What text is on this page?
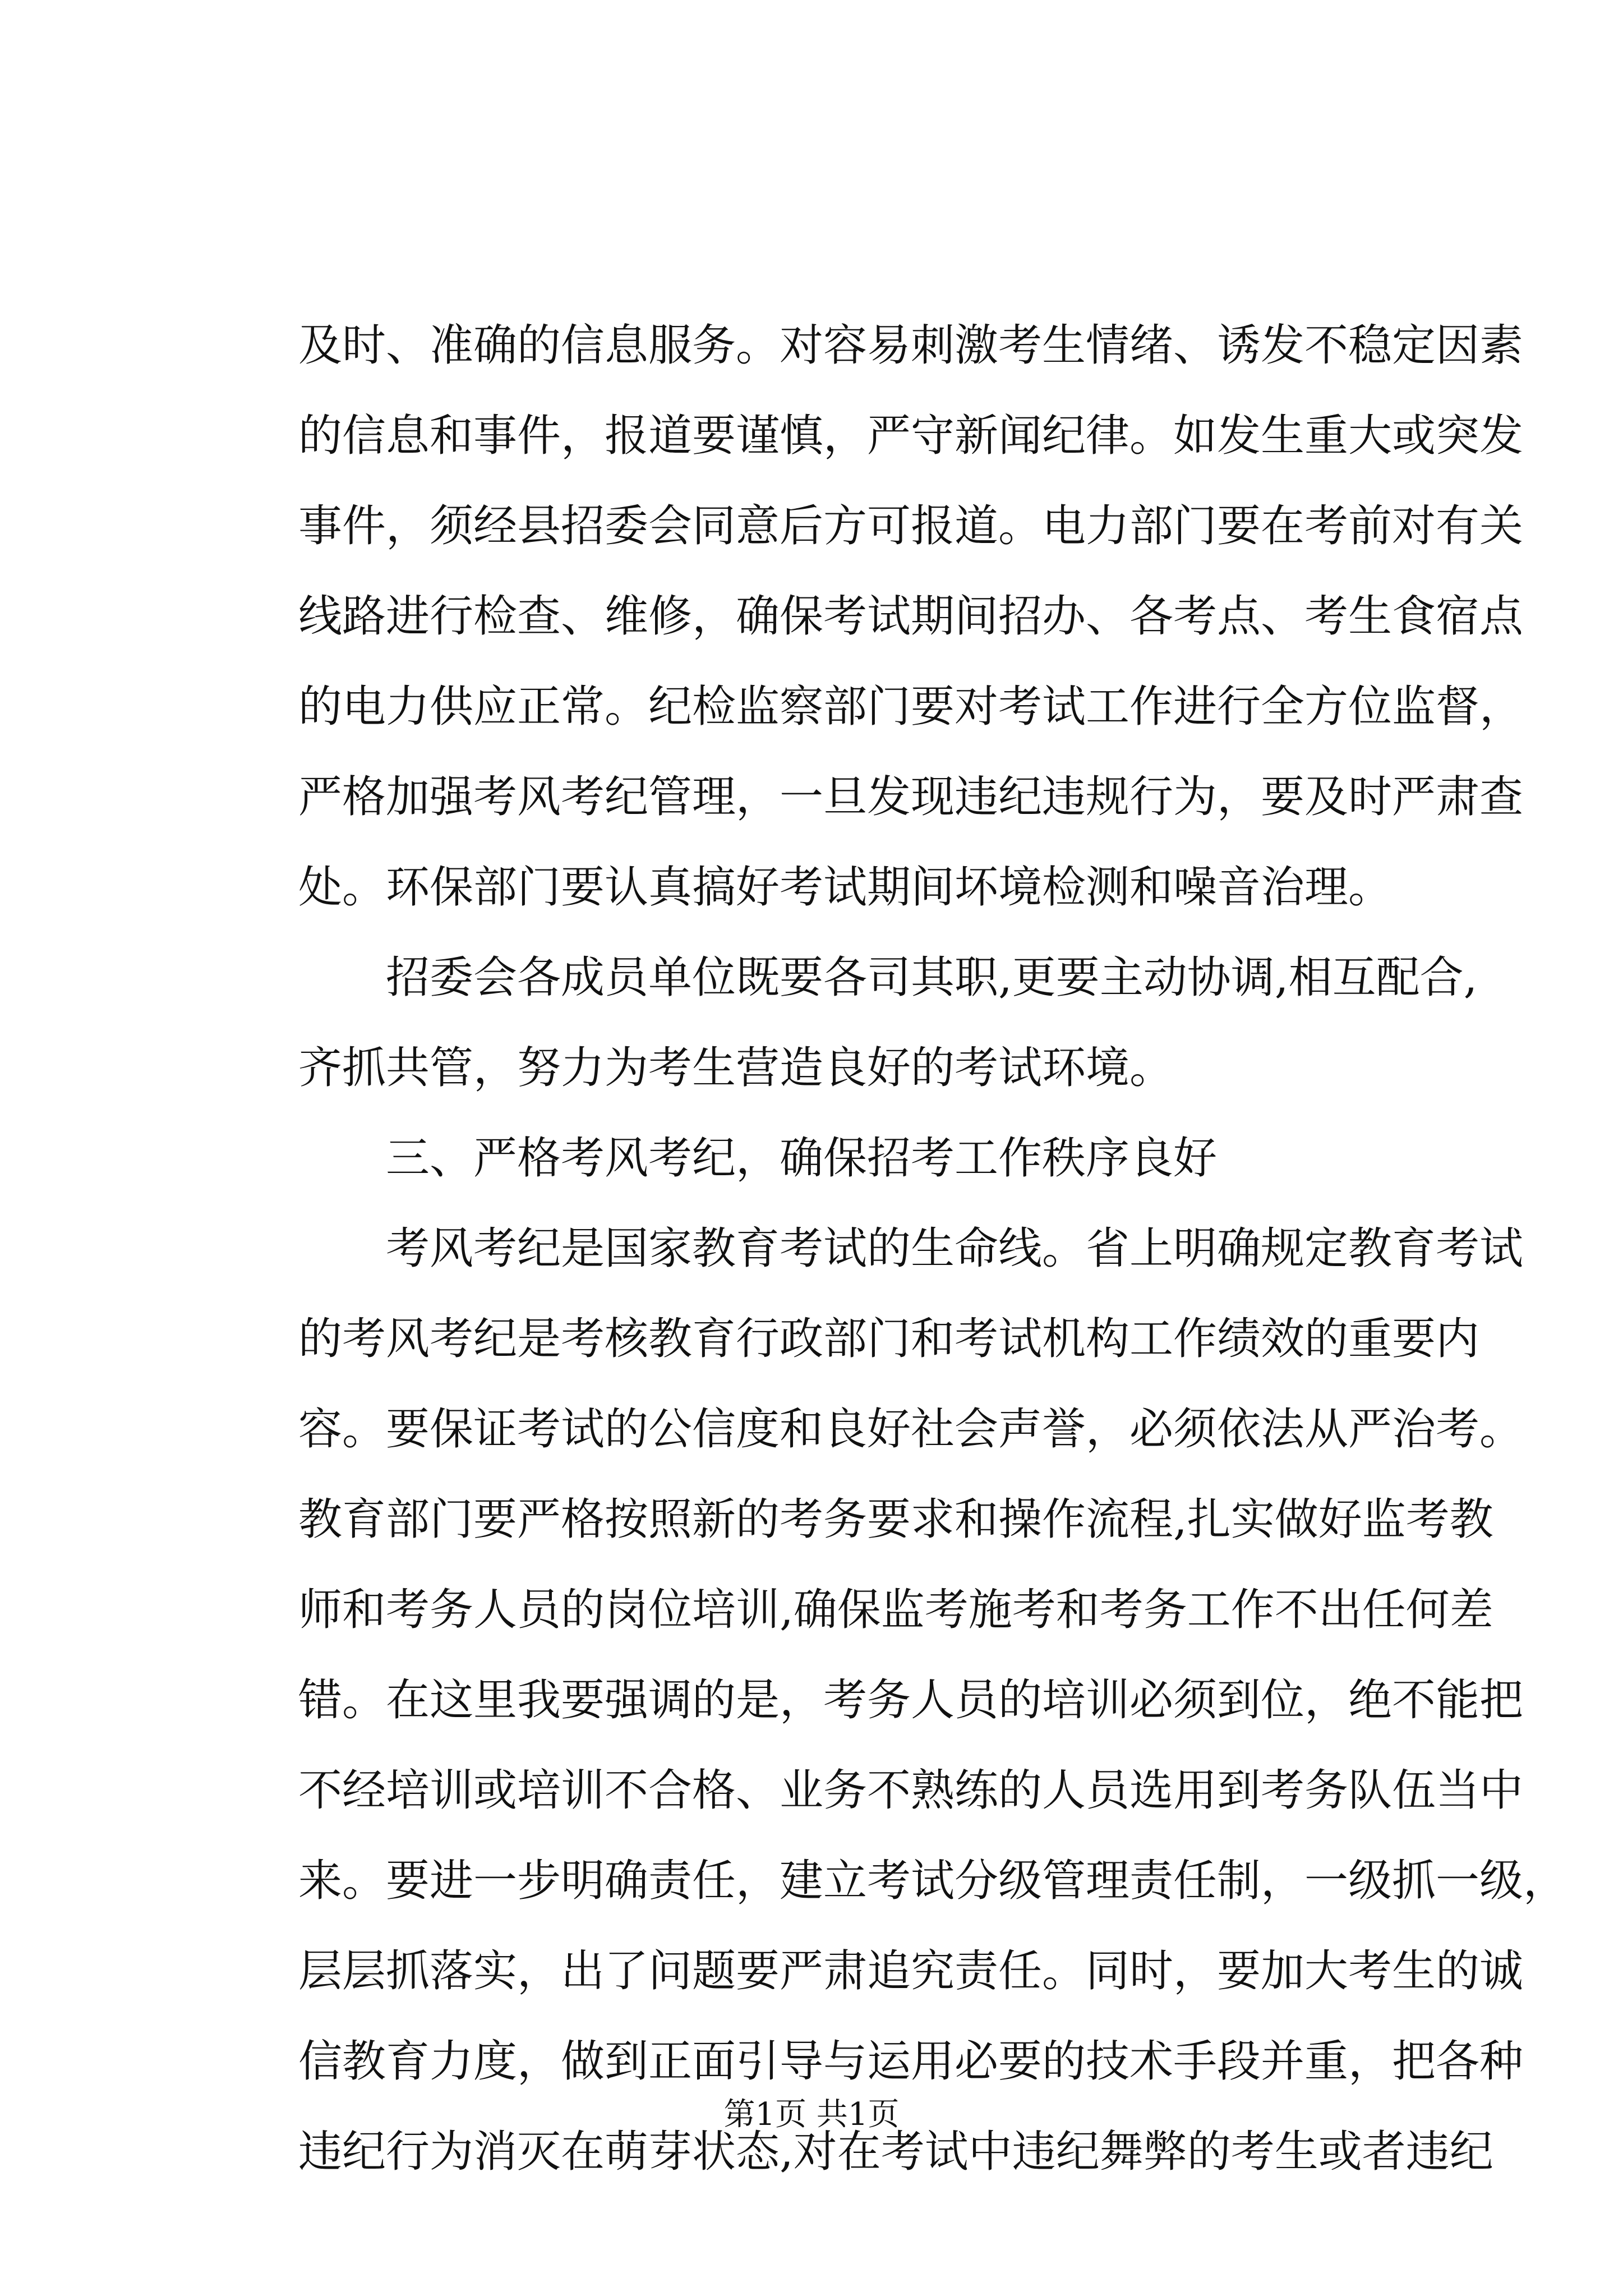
及时、准确的信息服务。对容易刺激考生情绪、诱发不稳定因素
的信息和事件，报道要谨慎，严守新闻纪律。如发生重大或突发
事件，须经县招委会同意后方可报道。电力部门要在考前对有关
线路进行检查、维修，确保考试期间招办、各考点、考生食宿点
的电力供应正常。纪检监察部门要对考试工作进行全方位监督，
严格加强考风考纪管理，一旦发现违纪违规行为，要及时严肃查
处。环保部门要认真搞好考试期间坏境检测和噪音治理。
招委会各成员单位既要各司其职,更要主动协调,相互配合,
齐抓共管，努力为考生营造良好的考试环境。
三、严格考风考纪，确保招考工作秩序良好
考风考纪是国家教育考试的生命线。省上明确规定教育考试
的考风考纪是考核教育行政部门和考试机构工作绩效的重要内
容。要保证考试的公信度和良好社会声誉，必须依法从严治考。
教育部门要严格按照新的考务要求和操作流程,扎实做好监考教
师和考务人员的岗位培训,确保监考施考和考务工作不出任何差
错。在这里我要强调的是，考务人员的培训必须到位，绝不能把
不经培训或培训不合格、业务不熟练的人员选用到考务队伍当中
来。要进一步明确责任，建立考试分级管理责任制，一级抓一级，
层层抓落实，出了问题要严肃追究责任。同时，要加大考生的诚
信教育力度，做到正面引导与运用必要的技术手段并重，把各种
违纪行为消灭在萌芽状态,对在考试中违纪舞弊的考生或者违纪
第1页 共1页
